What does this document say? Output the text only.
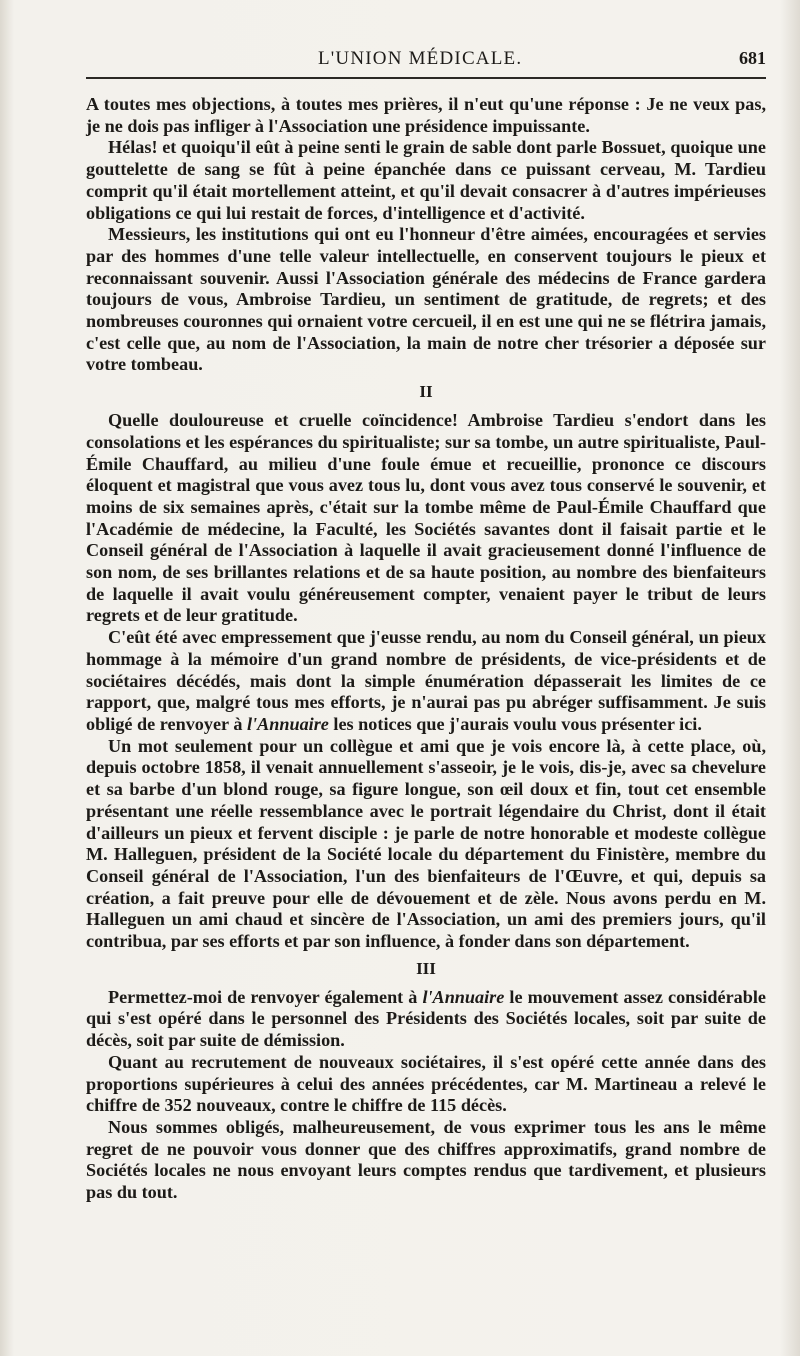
L'UNION MÉDICALE.	681

A toutes mes objections, à toutes mes prières, il n'eut qu'une réponse : Je ne veux pas, je ne dois pas infliger à l'Association une présidence impuissante.

Hélas! et quoiqu'il eût à peine senti le grain de sable dont parle Bossuet, quoique une gouttelette de sang se fût à peine épanchée dans ce puissant cerveau, M. Tardieu comprit qu'il était mortellement atteint, et qu'il devait consacrer à d'autres impérieuses obligations ce qui lui restait de forces, d'intelligence et d'activité.

Messieurs, les institutions qui ont eu l'honneur d'être aimées, encouragées et servies par des hommes d'une telle valeur intellectuelle, en conservent toujours le pieux et reconnaissant souvenir. Aussi l'Association générale des médecins de France gardera toujours de vous, Ambroise Tardieu, un sentiment de gratitude, de regrets; et des nombreuses couronnes qui ornaient votre cercueil, il en est une qui ne se flétrira jamais, c'est celle que, au nom de l'Association, la main de notre cher trésorier a déposée sur votre tombeau.

II

Quelle douloureuse et cruelle coïncidence! Ambroise Tardieu s'endort dans les consolations et les espérances du spiritualiste; sur sa tombe, un autre spiritualiste, Paul-Émile Chauffard, au milieu d'une foule émue et recueillie, prononce ce discours éloquent et magistral que vous avez tous lu, dont vous avez tous conservé le souvenir, et moins de six semaines après, c'était sur la tombe même de Paul-Émile Chauffard que l'Académie de médecine, la Faculté, les Sociétés savantes dont il faisait partie et le Conseil général de l'Association à laquelle il avait gracieusement donné l'influence de son nom, de ses brillantes relations et de sa haute position, au nombre des bienfaiteurs de laquelle il avait voulu généreusement compter, venaient payer le tribut de leurs regrets et de leur gratitude.

C'eût été avec empressement que j'eusse rendu, au nom du Conseil général, un pieux hommage à la mémoire d'un grand nombre de présidents, de vice-présidents et de sociétaires décédés, mais dont la simple énumération dépasserait les limites de ce rapport, que, malgré tous mes efforts, je n'aurai pas pu abréger suffisamment. Je suis obligé de renvoyer à l'Annuaire les notices que j'aurais voulu vous présenter ici.

Un mot seulement pour un collègue et ami que je vois encore là, à cette place, où, depuis octobre 1858, il venait annuellement s'asseoir, je le vois, dis-je, avec sa chevelure et sa barbe d'un blond rouge, sa figure longue, son œil doux et fin, tout cet ensemble présentant une réelle ressemblance avec le portrait légendaire du Christ, dont il était d'ailleurs un pieux et fervent disciple : je parle de notre honorable et modeste collègue M. Halleguen, président de la Société locale du département du Finistère, membre du Conseil général de l'Association, l'un des bienfaiteurs de l'Œuvre, et qui, depuis sa création, a fait preuve pour elle de dévouement et de zèle. Nous avons perdu en M. Halleguen un ami chaud et sincère de l'Association, un ami des premiers jours, qu'il contribua, par ses efforts et par son influence, à fonder dans son département.

III

Permettez-moi de renvoyer également à l'Annuaire le mouvement assez considérable qui s'est opéré dans le personnel des Présidents des Sociétés locales, soit par suite de décès, soit par suite de démission.

Quant au recrutement de nouveaux sociétaires, il s'est opéré cette année dans des proportions supérieures à celui des années précédentes, car M. Martineau a relevé le chiffre de 352 nouveaux, contre le chiffre de 115 décès.

Nous sommes obligés, malheureusement, de vous exprimer tous les ans le même regret de ne pouvoir vous donner que des chiffres approximatifs, grand nombre de Sociétés locales ne nous envoyant leurs comptes rendus que tardivement, et plusieurs pas du tout.
